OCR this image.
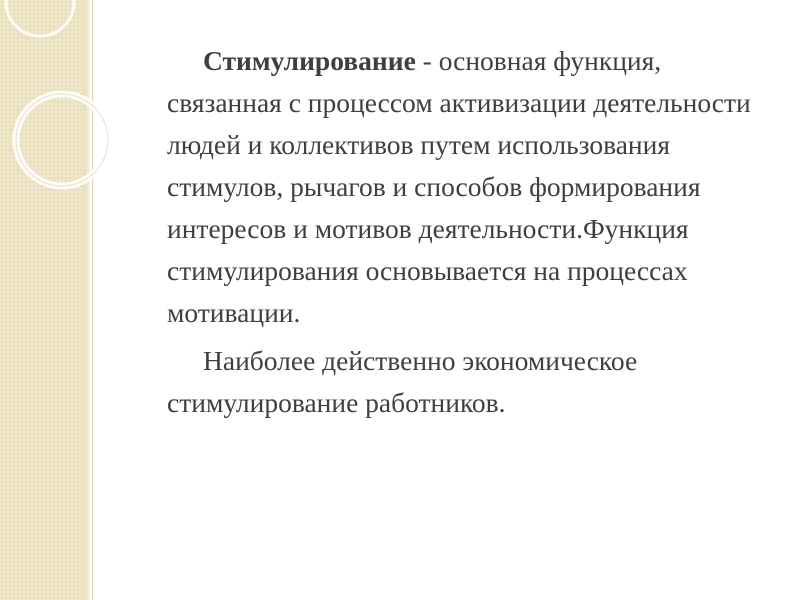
Стимулирование - основная функция, связанная с процессом активизации деятельности людей и коллективов путем использования стимулов, рычагов и способов формирования интересов и мотивов деятельности.Функция стимулирования основывается на процессах мотивации.

Наиболее действенно экономическое стимулирование работников.
